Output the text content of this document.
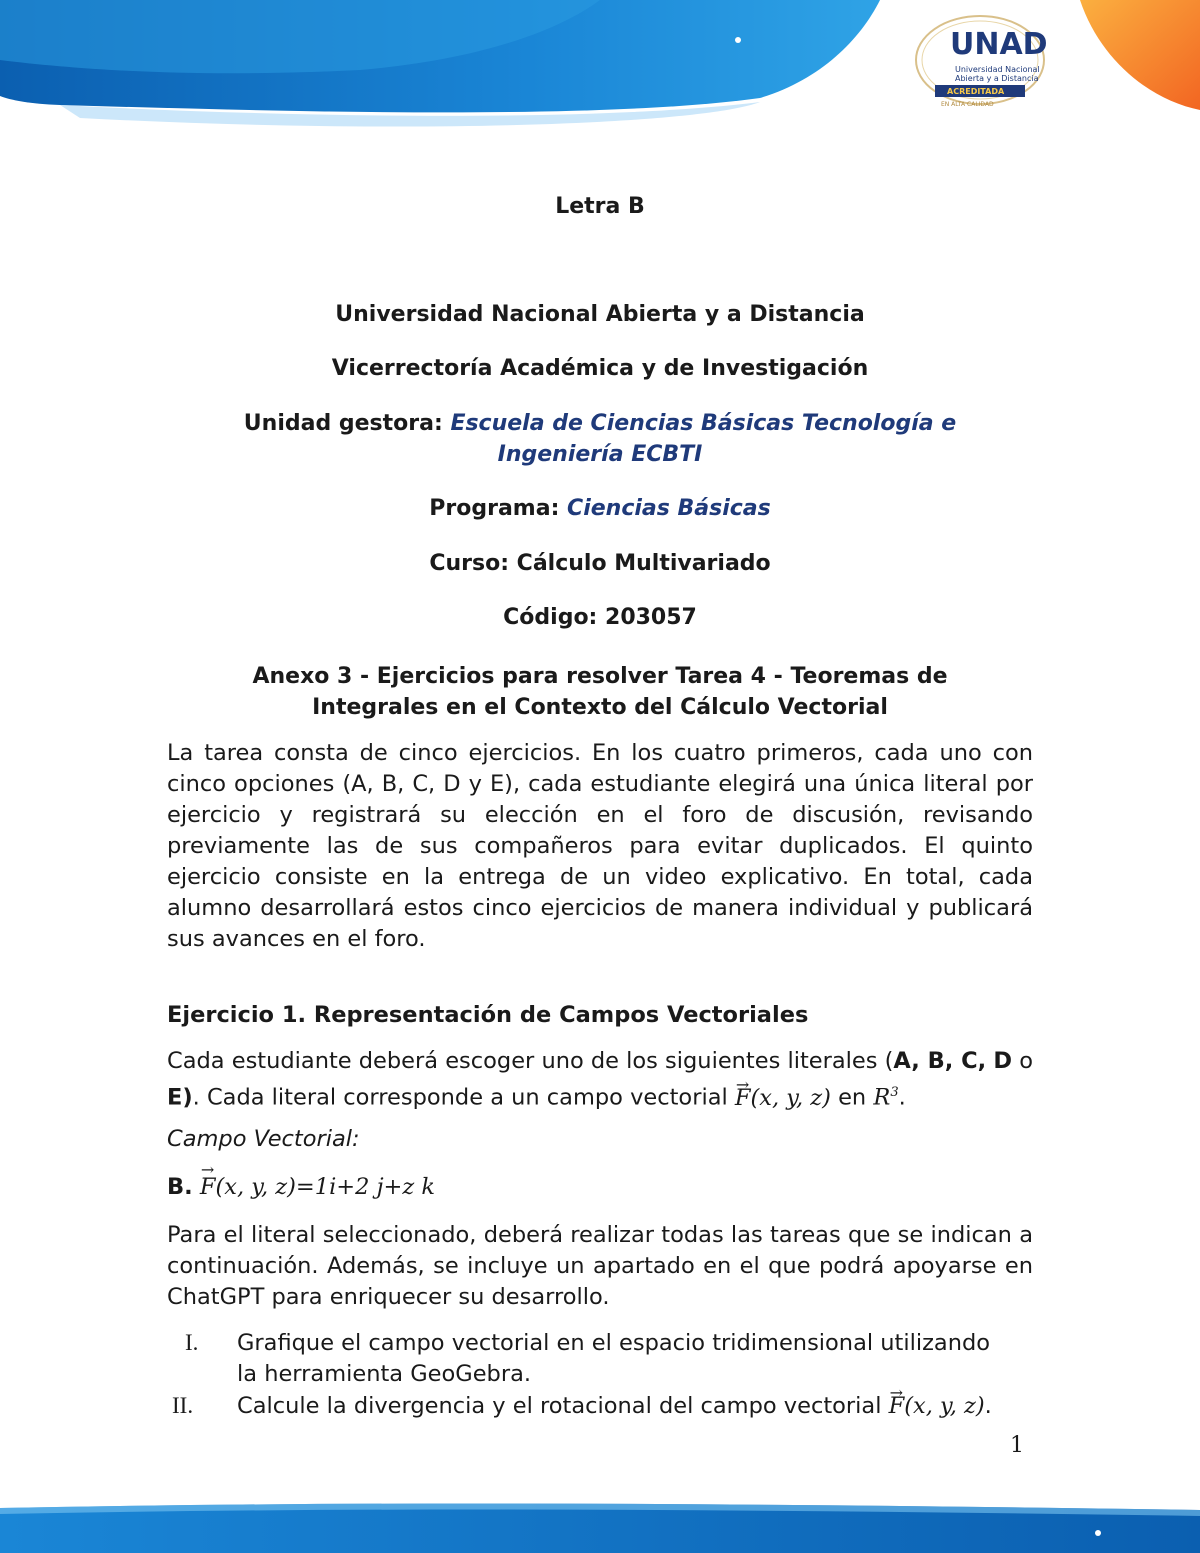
UNAD
Universidad Nacional
Abierta y a Distancia
ACREDITADA
EN ALTA CALIDAD
Letra B
Universidad Nacional Abierta y a Distancia
Vicerrectoría Académica y de Investigación
Unidad gestora: Escuela de Ciencias Básicas Tecnología e
Ingeniería ECBTI
Programa: Ciencias Básicas
Curso: Cálculo Multivariado
Código: 203057
Anexo 3 - Ejercicios para resolver Tarea 4 - Teoremas de
Integrales en el Contexto del Cálculo Vectorial
La tarea consta de cinco ejercicios. En los cuatro primeros, cada uno con cinco opciones (A, B, C, D y E), cada estudiante elegirá una única literal por ejercicio y registrará su elección en el foro de discusión, revisando previamente las de sus compañeros para evitar duplicados. El quinto ejercicio consiste en la entrega de un video explicativo. En total, cada alumno desarrollará estos cinco ejercicios de manera individual y publicará sus avances en el foro.
Ejercicio 1. Representación de Campos Vectoriales
Cada estudiante deberá escoger uno de los siguientes literales (A, B, C, D o E). Cada literal corresponde a un campo vectorial → F(x, y, z) en $R^3$.
Campo Vectorial:
B. → F(x, y, z)=1i+2 j+z k
Para el literal seleccionado, deberá realizar todas las tareas que se indican a continuación. Además, se incluye un apartado en el que podrá apoyarse en ChatGPT para enriquecer su desarrollo.
I. Grafique el campo vectorial en el espacio tridimensional utilizando
la herramienta GeoGebra.
II. Calcule la divergencia y el rotacional del campo vectorial → F(x, y, z).
1
